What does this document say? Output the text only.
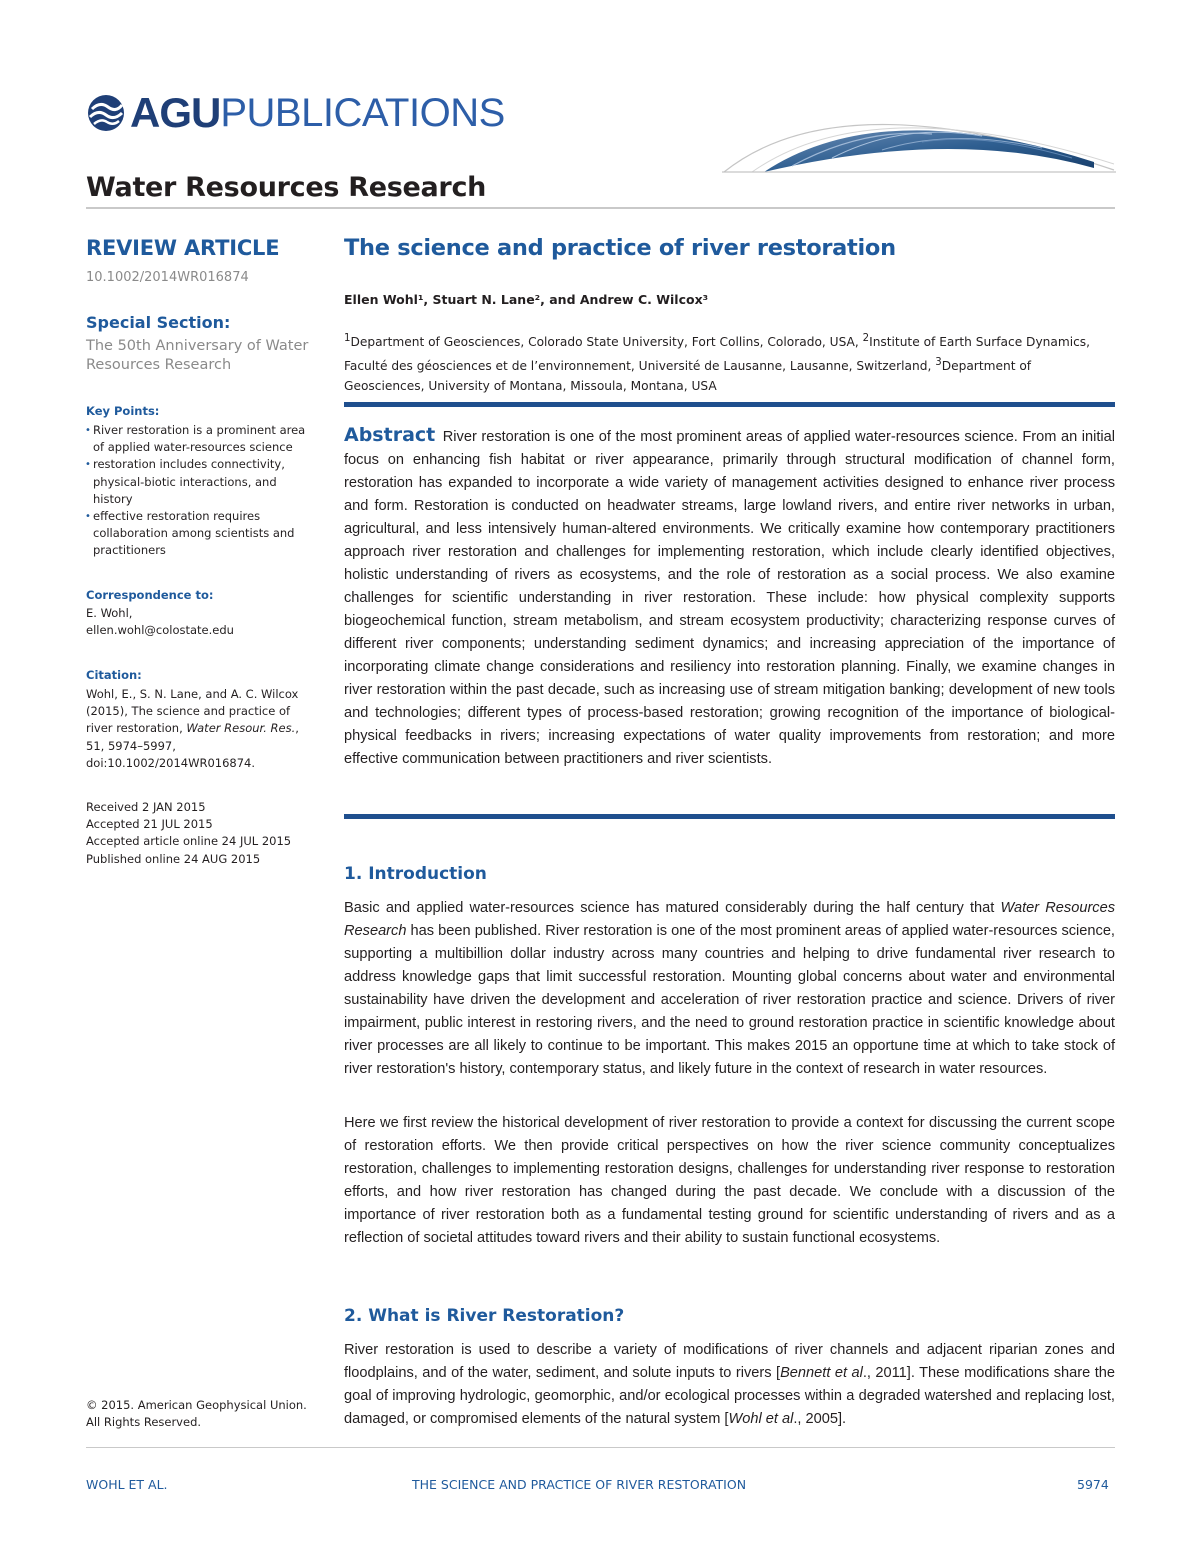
AGU PUBLICATIONS
Water Resources Research
REVIEW ARTICLE
10.1002/2014WR016874
Special Section:
The 50th Anniversary of Water Resources Research
Key Points:
• River restoration is a prominent area of applied water-resources science
• restoration includes connectivity, physical-biotic interactions, and history
• effective restoration requires collaboration among scientists and practitioners
Correspondence to:
E. Wohl,
ellen.wohl@colostate.edu
Citation:
Wohl, E., S. N. Lane, and A. C. Wilcox (2015), The science and practice of river restoration, Water Resour. Res., 51, 5974–5997, doi:10.1002/2014WR016874.
Received 2 JAN 2015
Accepted 21 JUL 2015
Accepted article online 24 JUL 2015
Published online 24 AUG 2015
© 2015. American Geophysical Union.
All Rights Reserved.
The science and practice of river restoration
Ellen Wohl¹, Stuart N. Lane², and Andrew C. Wilcox³
$^1$Department of Geosciences, Colorado State University, Fort Collins, Colorado, USA, $^2$Institute of Earth Surface Dynamics, Faculté des géosciences et de l’environnement, Université de Lausanne, Lausanne, Switzerland, $^3$Department of Geosciences, University of Montana, Missoula, Montana, USA
Abstract River restoration is one of the most prominent areas of applied water-resources science. From an initial focus on enhancing fish habitat or river appearance, primarily through structural modification of channel form, restoration has expanded to incorporate a wide variety of management activities designed to enhance river process and form. Restoration is conducted on headwater streams, large lowland rivers, and entire river networks in urban, agricultural, and less intensively human-altered environments. We critically examine how contemporary practitioners approach river restoration and challenges for implementing restoration, which include clearly identified objectives, holistic understanding of rivers as ecosystems, and the role of restoration as a social process. We also examine challenges for scientific understanding in river restoration. These include: how physical complexity supports biogeochemical function, stream metabolism, and stream ecosystem productivity; characterizing response curves of different river components; understanding sediment dynamics; and increasing appreciation of the importance of incorporating climate change considerations and resiliency into restoration planning. Finally, we examine changes in river restoration within the past decade, such as increasing use of stream mitigation banking; development of new tools and technologies; different types of process-based restoration; growing recognition of the importance of biological-physical feedbacks in rivers; increasing expectations of water quality improvements from restoration; and more effective communication between practitioners and river scientists.
1. Introduction

Basic and applied water-resources science has matured considerably during the half century that Water Resources Research has been published. River restoration is one of the most prominent areas of applied water-resources science, supporting a multibillion dollar industry across many countries and helping to drive fundamental river research to address knowledge gaps that limit successful restoration. Mounting global concerns about water and environmental sustainability have driven the development and acceleration of river restoration practice and science. Drivers of river impairment, public interest in restoring rivers, and the need to ground restoration practice in scientific knowledge about river processes are all likely to continue to be important. This makes 2015 an opportune time at which to take stock of river restoration's history, contemporary status, and likely future in the context of research in water resources.

Here we first review the historical development of river restoration to provide a context for discussing the current scope of restoration efforts. We then provide critical perspectives on how the river science community conceptualizes restoration, challenges to implementing restoration designs, challenges for understanding river response to restoration efforts, and how river restoration has changed during the past decade. We conclude with a discussion of the importance of river restoration both as a fundamental testing ground for scientific understanding of rivers and as a reflection of societal attitudes toward rivers and their ability to sustain functional ecosystems.

2. What is River Restoration?

River restoration is used to describe a variety of modifications of river channels and adjacent riparian zones and floodplains, and of the water, sediment, and solute inputs to rivers [Bennett et al., 2011]. These modifications share the goal of improving hydrologic, geomorphic, and/or ecological processes within a degraded watershed and replacing lost, damaged, or compromised elements of the natural system [Wohl et al., 2005].

WOHL ET AL.	THE SCIENCE AND PRACTICE OF RIVER RESTORATION	5974
